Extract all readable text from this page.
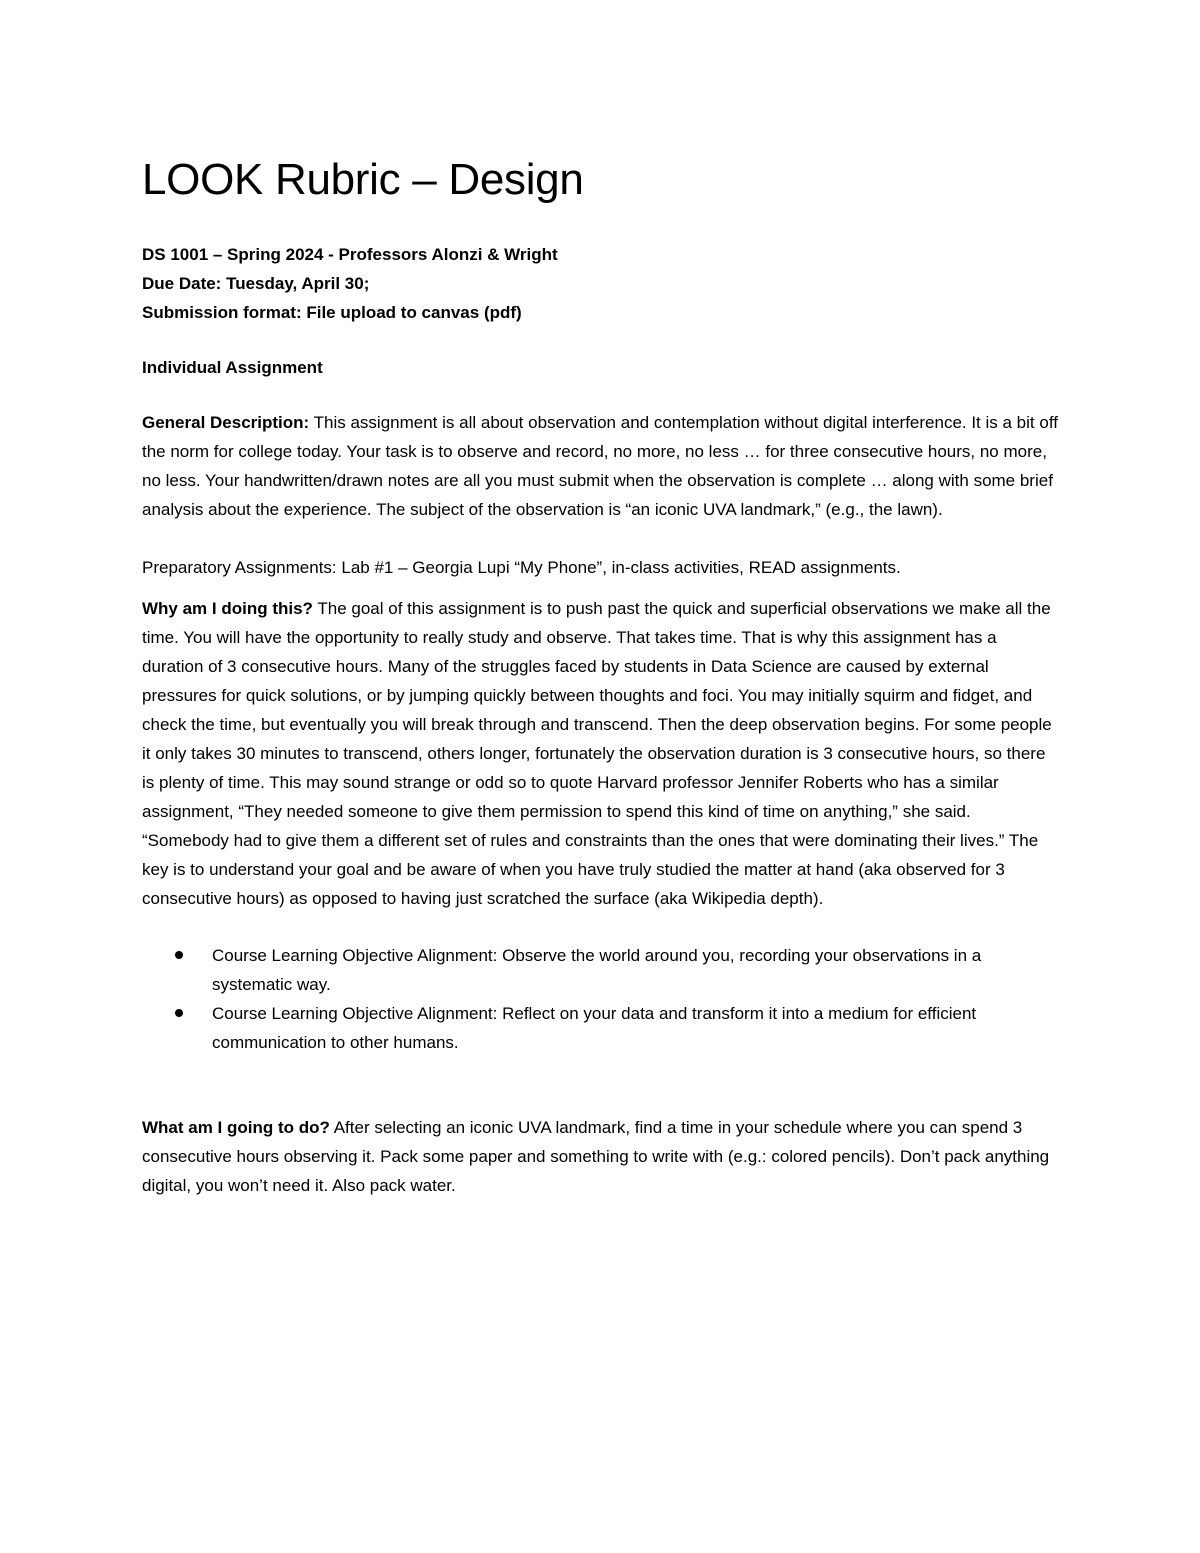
LOOK Rubric – Design
DS 1001 – Spring 2024 - Professors Alonzi & Wright
Due Date: Tuesday, April 30;
Submission format: File upload to canvas (pdf)
Individual Assignment

General Description: This assignment is all about observation and contemplation without digital interference. It is a bit off the norm for college today. Your task is to observe and record, no more, no less … for three consecutive hours, no more, no less. Your handwritten/drawn notes are all you must submit when the observation is complete … along with some brief analysis about the experience. The subject of the observation is “an iconic UVA landmark,” (e.g., the lawn).

Preparatory Assignments: Lab #1 – Georgia Lupi “My Phone”, in-class activities, READ assignments.

Why am I doing this? The goal of this assignment is to push past the quick and superficial observations we make all the time. You will have the opportunity to really study and observe. That takes time. That is why this assignment has a duration of 3 consecutive hours. Many of the struggles faced by students in Data Science are caused by external pressures for quick solutions, or by jumping quickly between thoughts and foci. You may initially squirm and fidget, and check the time, but eventually you will break through and transcend. Then the deep observation begins. For some people it only takes 30 minutes to transcend, others longer, fortunately the observation duration is 3 consecutive hours, so there is plenty of time. This may sound strange or odd so to quote Harvard professor Jennifer Roberts who has a similar assignment, “They needed someone to give them permission to spend this kind of time on anything,” she said. “Somebody had to give them a different set of rules and constraints than the ones that were dominating their lives.” The key is to understand your goal and be aware of when you have truly studied the matter at hand (aka observed for 3 consecutive hours) as opposed to having just scratched the surface (aka Wikipedia depth).

Course Learning Objective Alignment: Observe the world around you, recording your observations in a systematic way.
Course Learning Objective Alignment: Reflect on your data and transform it into a medium for efficient communication to other humans.

What am I going to do? After selecting an iconic UVA landmark, find a time in your schedule where you can spend 3 consecutive hours observing it. Pack some paper and something to write with (e.g.: colored pencils). Don’t pack anything digital, you won’t need it. Also pack water.
